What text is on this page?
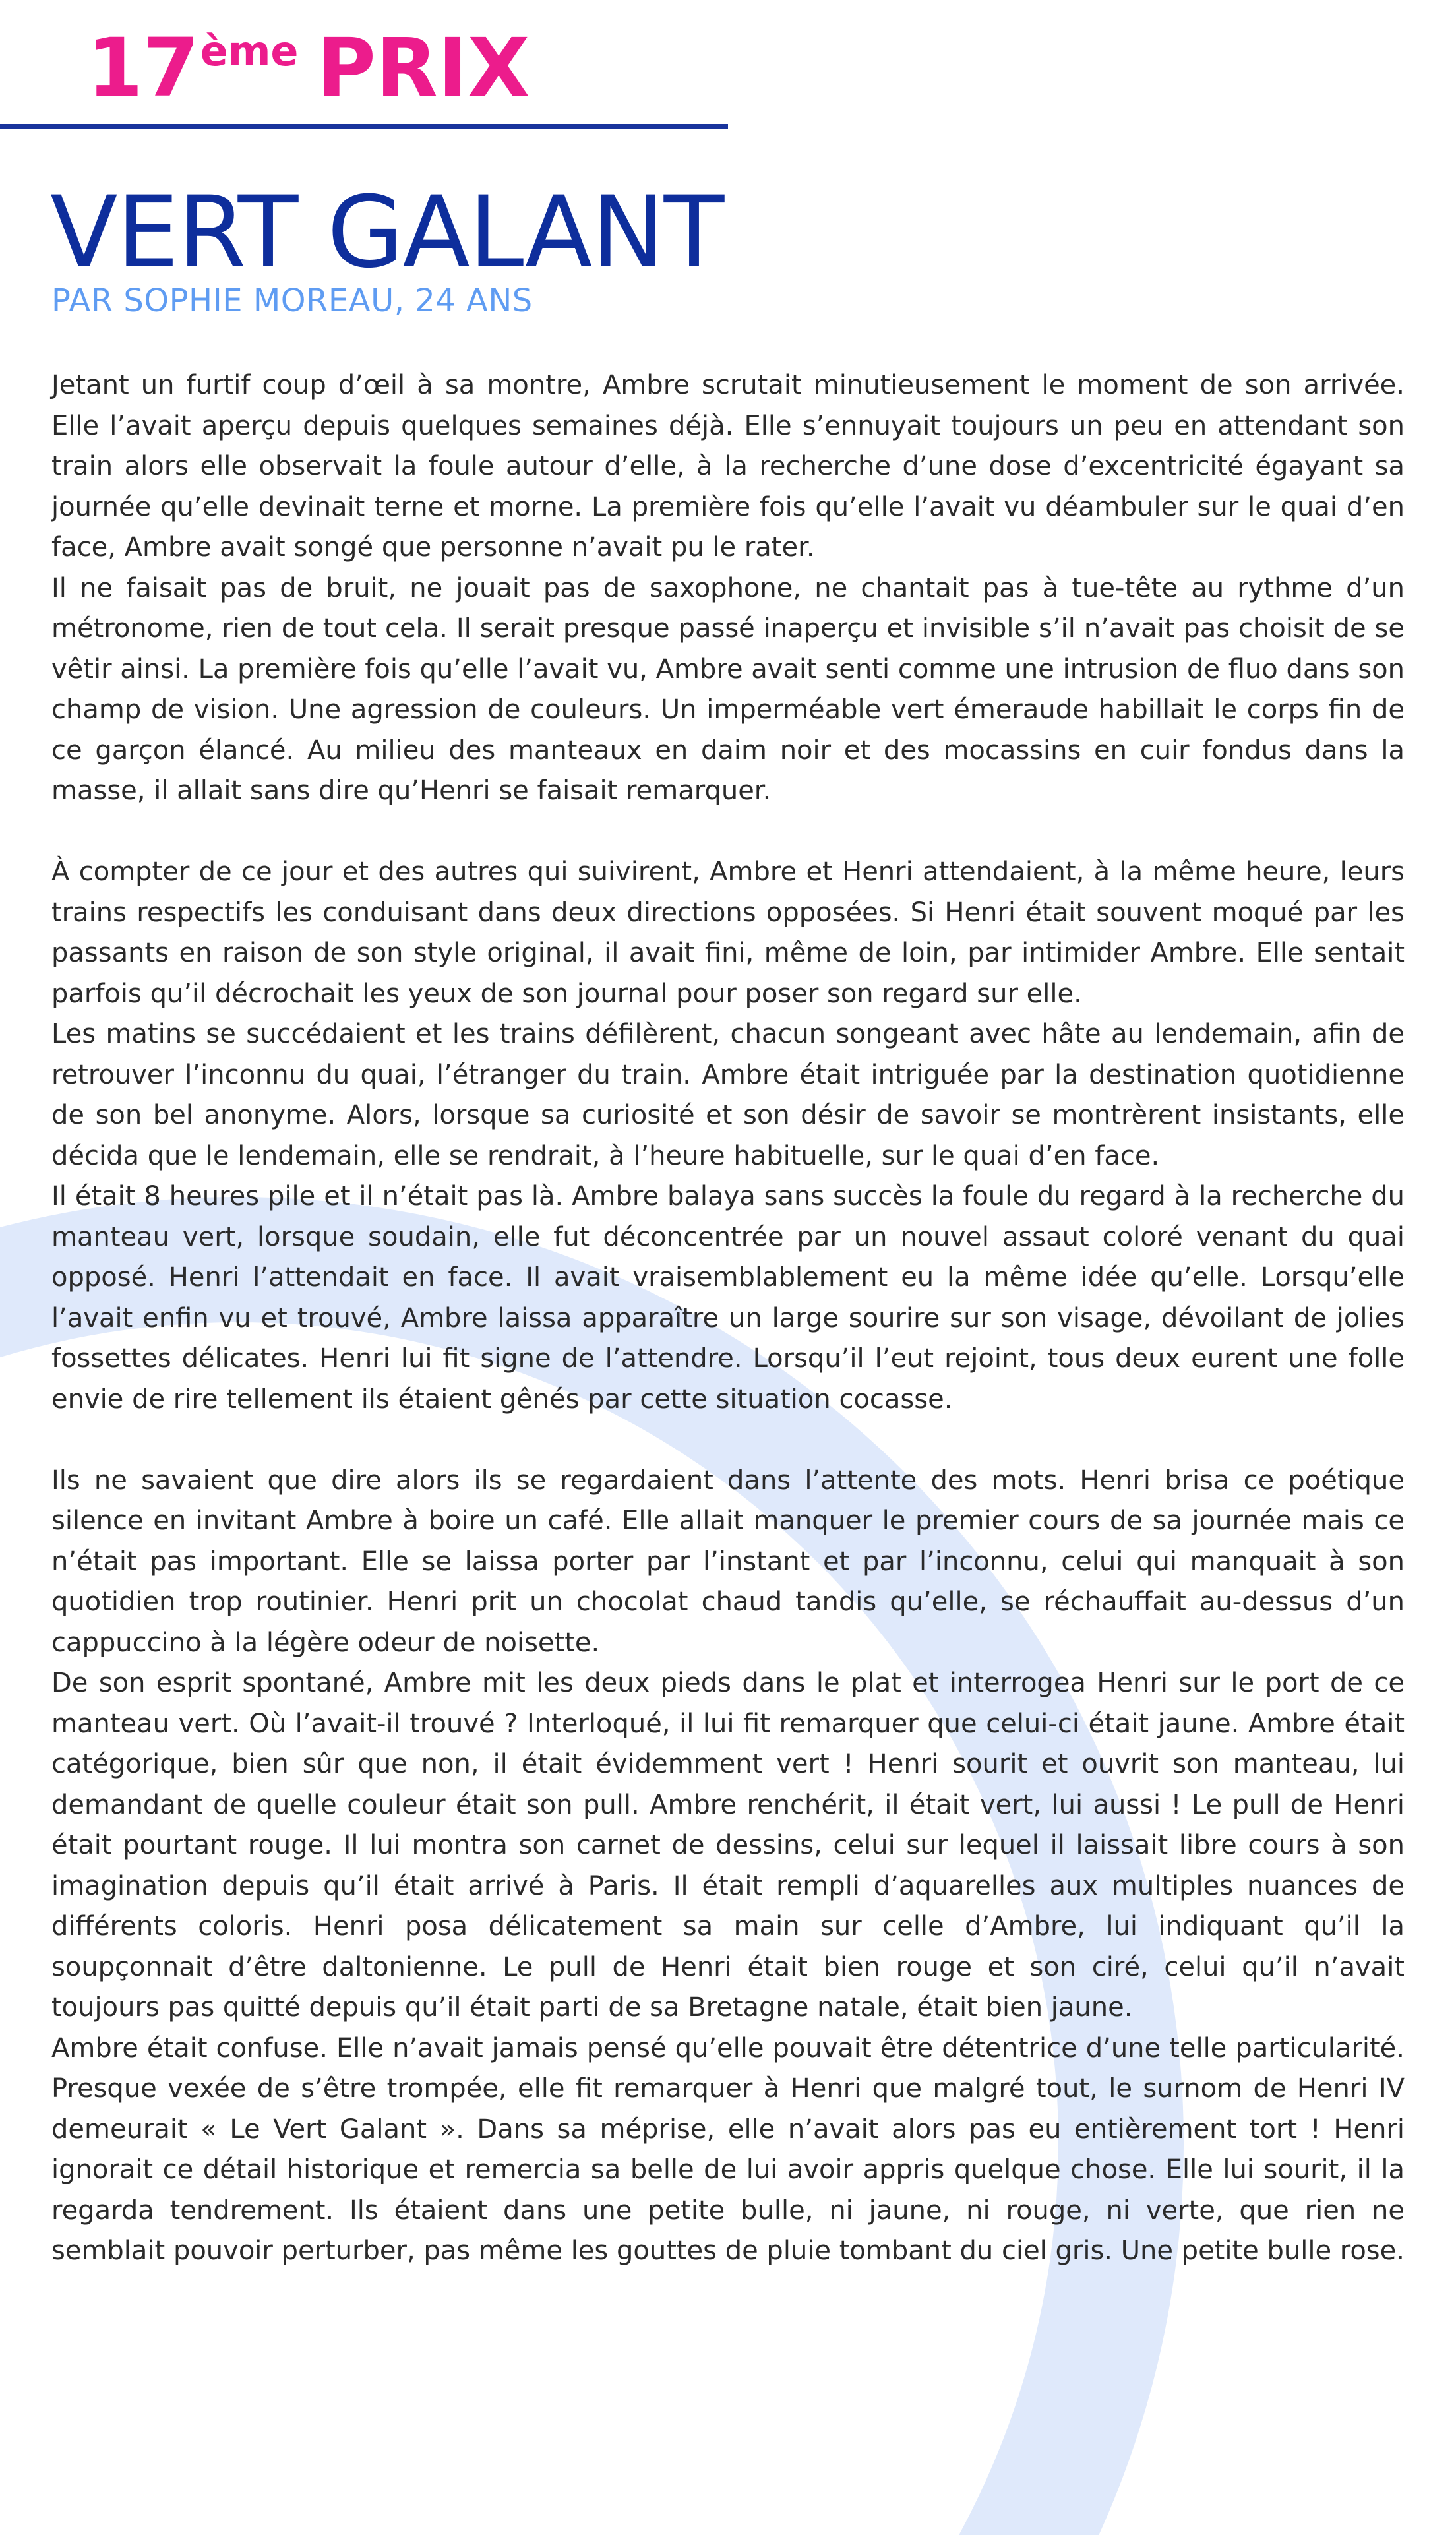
17ème PRIX
VERT GALANT
PAR SOPHIE MOREAU, 24 ANS

Jetant un furtif coup d’œil à sa montre, Ambre scrutait minutieusement le moment de son arrivée. Elle l’avait aperçu depuis quelques semaines déjà. Elle s’ennuyait toujours un peu en attendant son train alors elle observait la foule autour d’elle, à la recherche d’une dose d’excentricité égayant sa journée qu’elle devinait terne et morne. La première fois qu’elle l’avait vu déambuler sur le quai d’en face, Ambre avait songé que personne n’avait pu le rater.

Il ne faisait pas de bruit, ne jouait pas de saxophone, ne chantait pas à tue-tête au rythme d’un métronome, rien de tout cela. Il serait presque passé inaperçu et invisible s’il n’avait pas choisit de se vêtir ainsi. La première fois qu’elle l’avait vu, Ambre avait senti comme une intrusion de fluo dans son champ de vision. Une agression de couleurs. Un imperméable vert émeraude habillait le corps fin de ce garçon élancé. Au milieu des manteaux en daim noir et des mocassins en cuir fondus dans la masse, il allait sans dire qu’Henri se faisait remarquer.

À compter de ce jour et des autres qui suivirent, Ambre et Henri attendaient, à la même heure, leurs trains respectifs les conduisant dans deux directions opposées. Si Henri était souvent moqué par les passants en raison de son style original, il avait fini, même de loin, par intimider Ambre. Elle sentait parfois qu’il décrochait les yeux de son journal pour poser son regard sur elle.

Les matins se succédaient et les trains défilèrent, chacun songeant avec hâte au lendemain, afin de retrouver l’inconnu du quai, l’étranger du train. Ambre était intriguée par la destination quotidienne de son bel anonyme. Alors, lorsque sa curiosité et son désir de savoir se montrèrent insistants, elle décida que le lendemain, elle se rendrait, à l’heure habituelle, sur le quai d’en face.

Il était 8 heures pile et il n’était pas là. Ambre balaya sans succès la foule du regard à la recherche du manteau vert, lorsque soudain, elle fut déconcentrée par un nouvel assaut coloré venant du quai opposé. Henri l’attendait en face. Il avait vraisemblablement eu la même idée qu’elle. Lorsqu’elle l’avait enfin vu et trouvé, Ambre laissa apparaître un large sourire sur son visage, dévoilant de jolies fossettes délicates. Henri lui fit signe de l’attendre. Lorsqu’il l’eut rejoint, tous deux eurent une folle envie de rire tellement ils étaient gênés par cette situation cocasse.

Ils ne savaient que dire alors ils se regardaient dans l’attente des mots. Henri brisa ce poétique silence en invitant Ambre à boire un café. Elle allait manquer le premier cours de sa journée mais ce n’était pas important. Elle se laissa porter par l’instant et par l’inconnu, celui qui manquait à son quotidien trop routinier. Henri prit un chocolat chaud tandis qu’elle, se réchauffait au-dessus d’un cappuccino à la légère odeur de noisette.

De son esprit spontané, Ambre mit les deux pieds dans le plat et interrogea Henri sur le port de ce manteau vert. Où l’avait-il trouvé ? Interloqué, il lui fit remarquer que celui-ci était jaune. Ambre était catégorique, bien sûr que non, il était évidemment vert ! Henri sourit et ouvrit son manteau, lui demandant de quelle couleur était son pull. Ambre renchérit, il était vert, lui aussi ! Le pull de Henri était pourtant rouge. Il lui montra son carnet de dessins, celui sur lequel il laissait libre cours à son imagination depuis qu’il était arrivé à Paris. Il était rempli d’aquarelles aux multiples nuances de différents coloris. Henri posa délicatement sa main sur celle d’Ambre, lui indiquant qu’il la soupçonnait d’être daltonienne. Le pull de Henri était bien rouge et son ciré, celui qu’il n’avait toujours pas quitté depuis qu’il était parti de sa Bretagne natale, était bien jaune.

Ambre était confuse. Elle n’avait jamais pensé qu’elle pouvait être détentrice d’une telle particularité. Presque vexée de s’être trompée, elle fit remarquer à Henri que malgré tout, le surnom de Henri IV demeurait « Le Vert Galant ». Dans sa méprise, elle n’avait alors pas eu entièrement tort ! Henri ignorait ce détail historique et remercia sa belle de lui avoir appris quelque chose. Elle lui sourit, il la regarda tendrement. Ils étaient dans une petite bulle, ni jaune, ni rouge, ni verte, que rien ne semblait pouvoir perturber, pas même les gouttes de pluie tombant du ciel gris. Une petite bulle rose.
